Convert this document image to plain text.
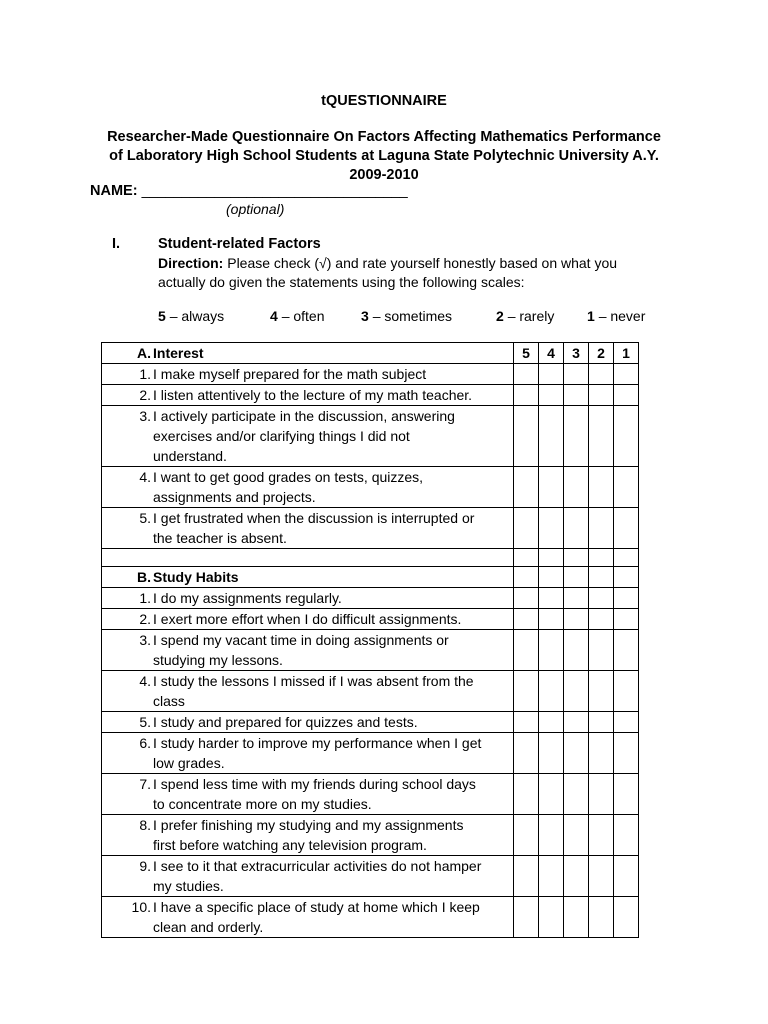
tQUESTIONNAIRE
Researcher-Made Questionnaire On Factors Affecting Mathematics Performance
of Laboratory High School Students at Laguna State Polytechnic University A.Y.
2009-2010
NAME: _________________________________
(optional)
I.	Student-related Factors
Direction: Please check (√) and rate yourself honestly based on what you actually do given the statements using the following scales:
5 – always	4 – often	3 – sometimes	2 – rarely 1 – never
A. Interest	5	4	3	2	1

1. I make myself prepared for the math subject					

2. I listen attentively to the lecture of my math teacher.					

3. I actively participate in the discussion, answering
exercises and/or clarifying things I did not
understand.					

4. I want to get good grades on tests, quizzes,
assignments and projects.					

5. I get frustrated when the discussion is interrupted or
the teacher is absent.					

B. Study Habits					

1. I do my assignments regularly.					

2. I exert more effort when I do difficult assignments.					

3. I spend my vacant time in doing assignments or
studying my lessons.					

4. I study the lessons I missed if I was absent from the
class					

5. I study and prepared for quizzes and tests.					

6. I study harder to improve my performance when I get
low grades.					

7. I spend less time with my friends during school days
to concentrate more on my studies.					

8. I prefer finishing my studying and my assignments
first before watching any television program.					

9. I see to it that extracurricular activities do not hamper
my studies.					

10. I have a specific place of study at home which I keep
clean and orderly.					
